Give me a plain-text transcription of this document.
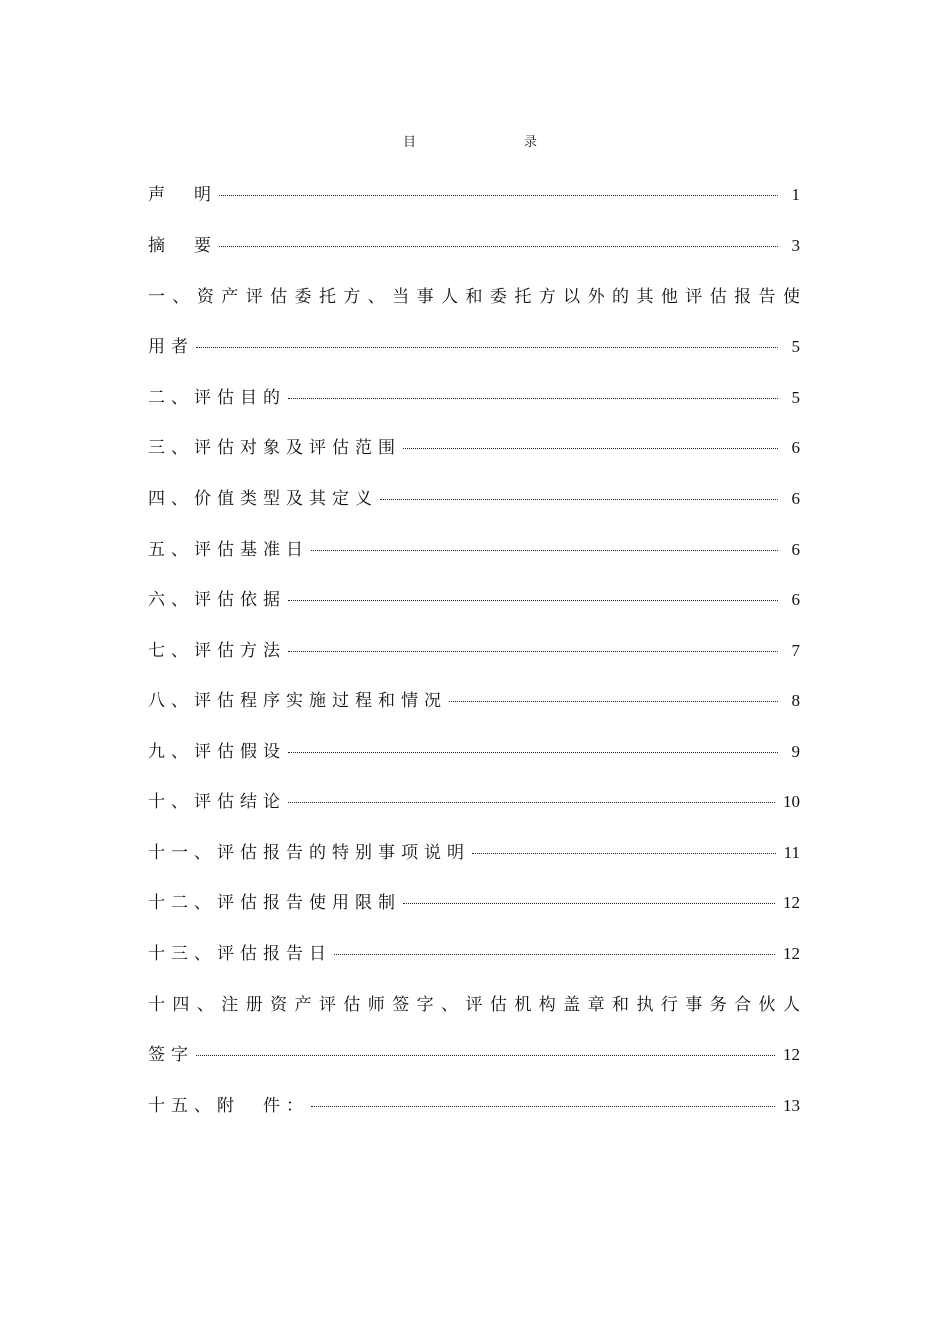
目	录
声　明	1
摘　要	3
一 、 资 产 评 估 委 托 方 、 当 事 人 和 委 托 方 以 外 的 其 他 评 估 报 告 使
用者	5
二、评估目的	5
三、评估对象及评估范围	6
四、价值类型及其定义	6
五、评估基准日	6
六、评估依据	6
七、评估方法	7
八、评估程序实施过程和情况	8
九、评估假设	9
十、评估结论	10
十一、评估报告的特别事项说明	11
十二、评估报告使用限制	12
十三、评估报告日	12
十 四 、 注 册 资 产 评 估 师 签 字 、 评 估 机 构 盖 章 和 执 行 事 务 合 伙 人
签字	12
十五、附　件：	13
